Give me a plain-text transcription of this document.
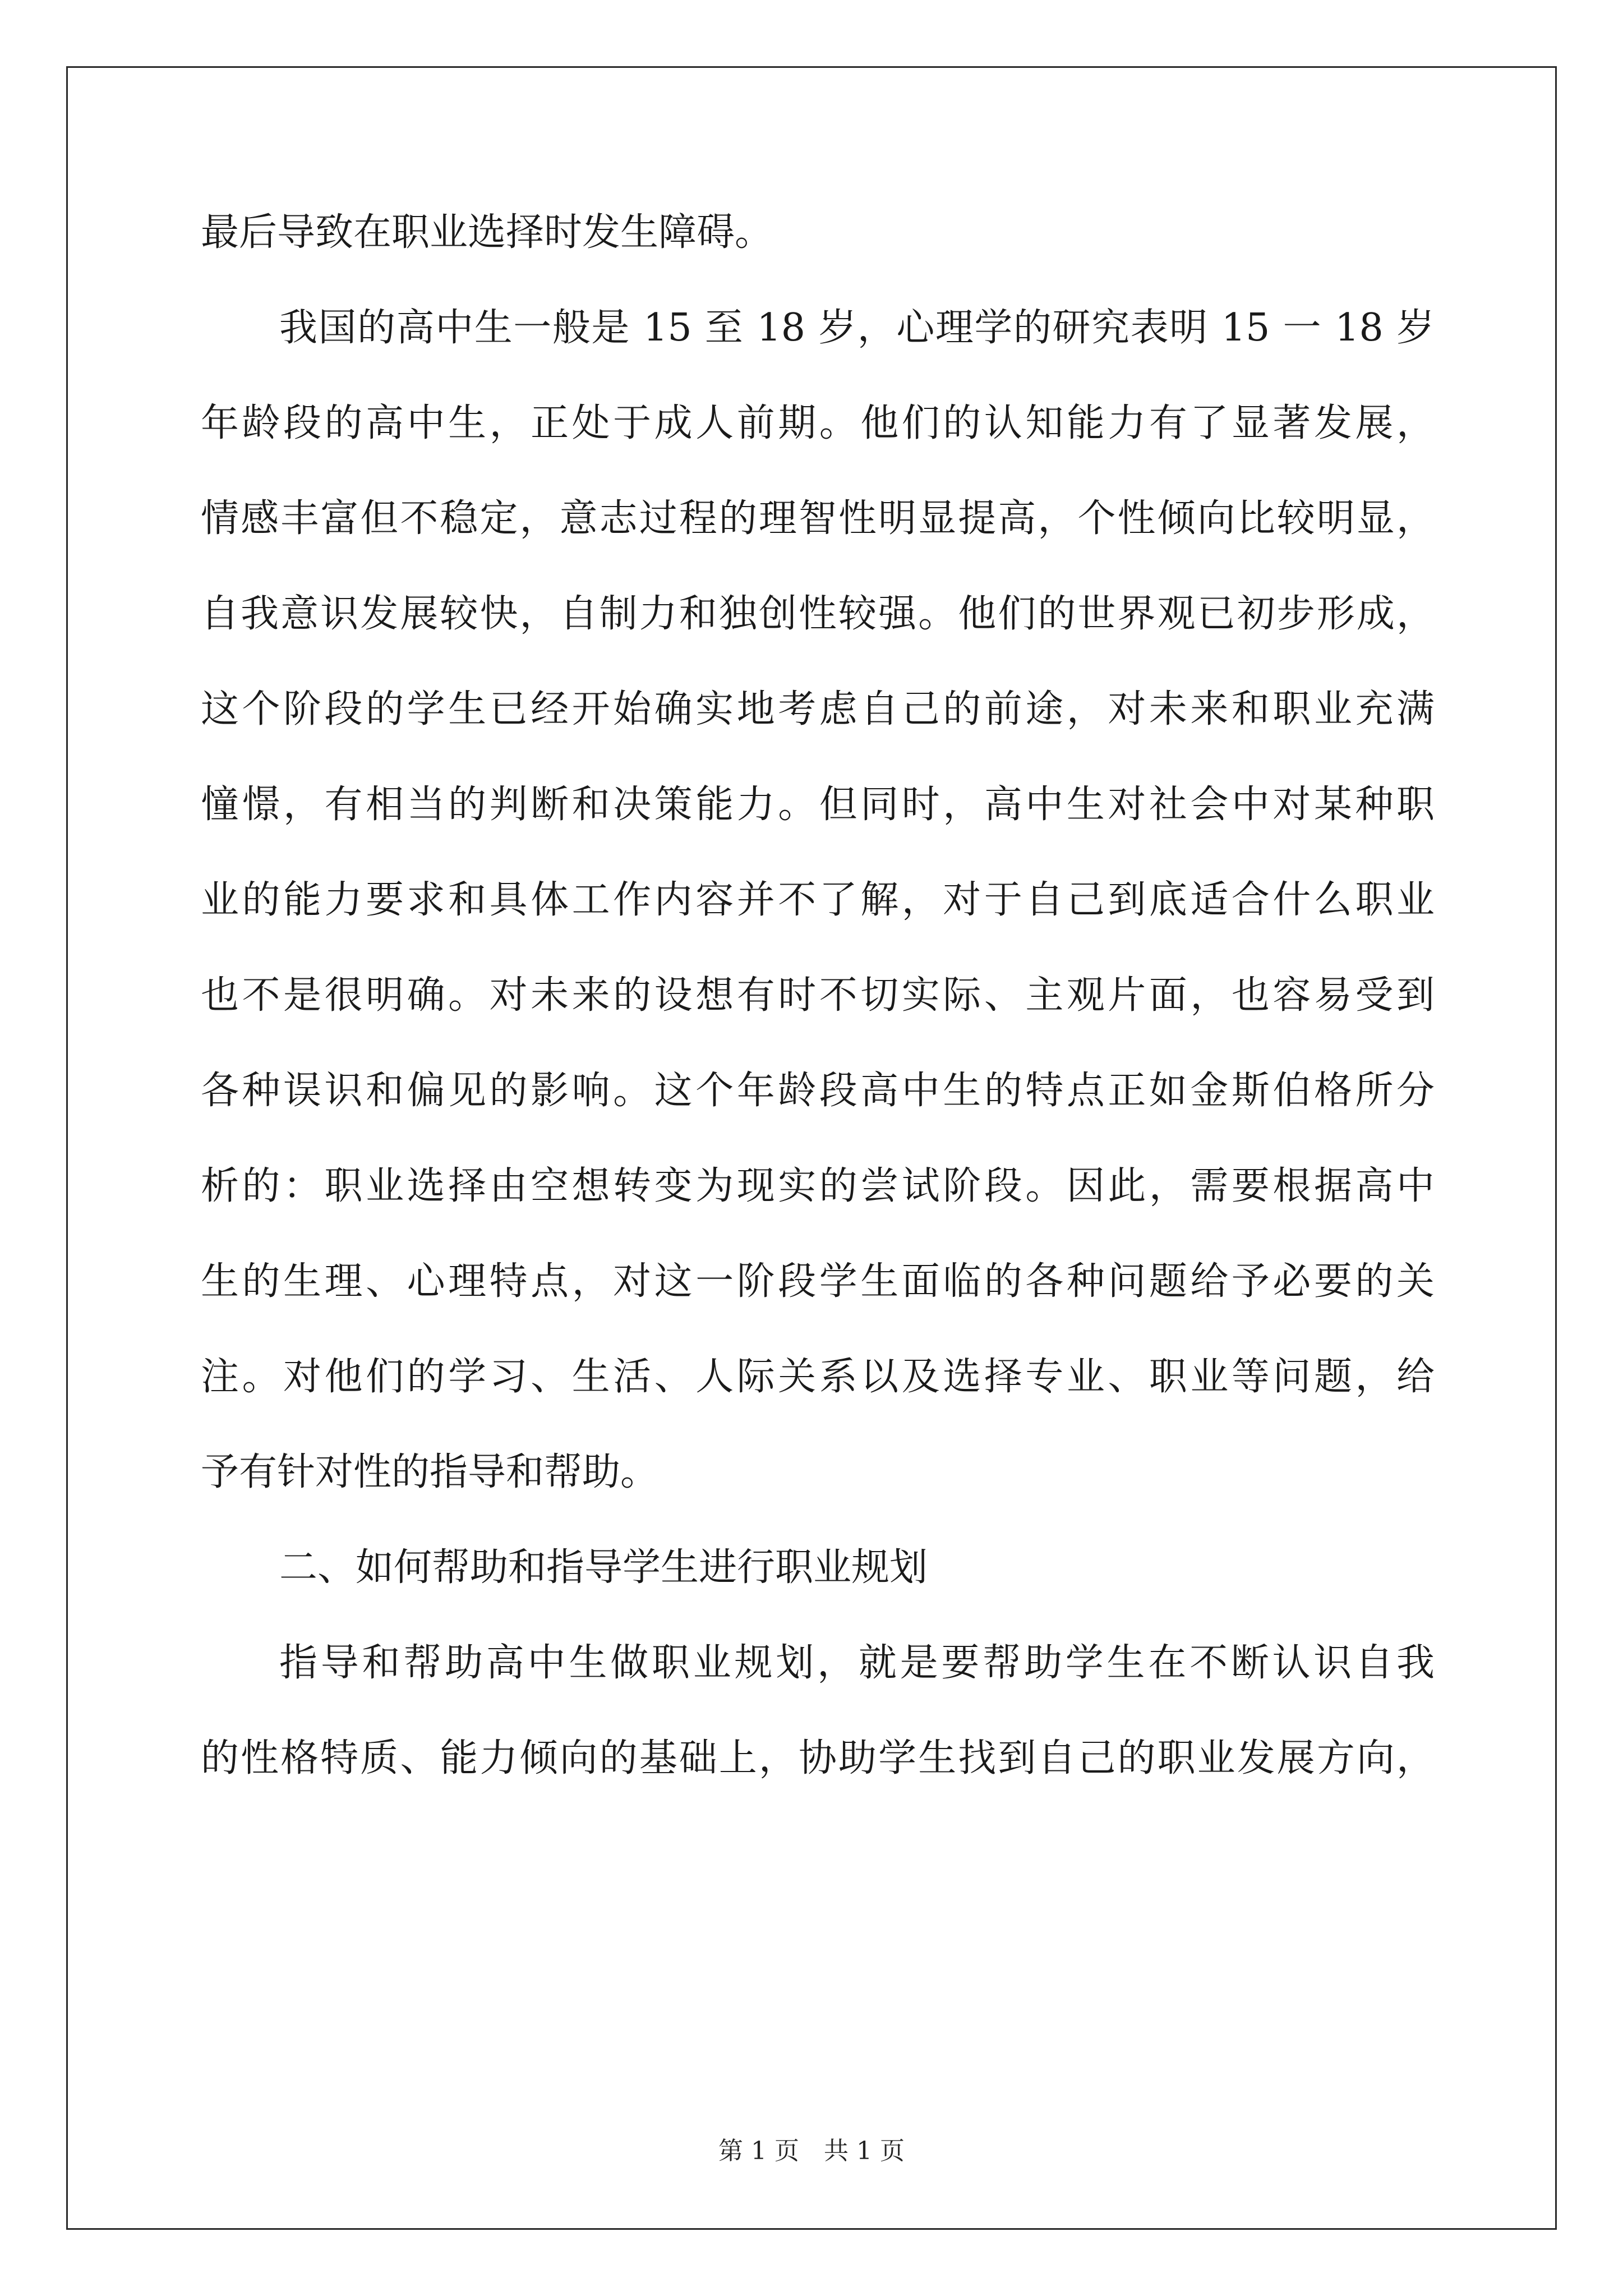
最后导致在职业选择时发生障碍。
我国的高中生一般是 15 至 18 岁，心理学的研究表明 15 一 18 岁
年龄段的高中生，正处于成人前期。他们的认知能力有了显著发展，
情感丰富但不稳定，意志过程的理智性明显提高，个性倾向比较明显，
自我意识发展较快，自制力和独创性较强。他们的世界观已初步形成，
这个阶段的学生已经开始确实地考虑自己的前途，对未来和职业充满
憧憬，有相当的判断和决策能力。但同时，高中生对社会中对某种职
业的能力要求和具体工作内容并不了解，对于自己到底适合什么职业
也不是很明确。对未来的设想有时不切实际、主观片面，也容易受到
各种误识和偏见的影响。这个年龄段高中生的特点正如金斯伯格所分
析的：职业选择由空想转变为现实的尝试阶段。因此，需要根据高中
生的生理、心理特点，对这一阶段学生面临的各种问题给予必要的关
注。对他们的学习、生活、人际关系以及选择专业、职业等问题，给
予有针对性的指导和帮助。
二、如何帮助和指导学生进行职业规划
指导和帮助高中生做职业规划，就是要帮助学生在不断认识自我
的性格特质、能力倾向的基础上，协助学生找到自己的职业发展方向，
第 1 页　共 1 页
